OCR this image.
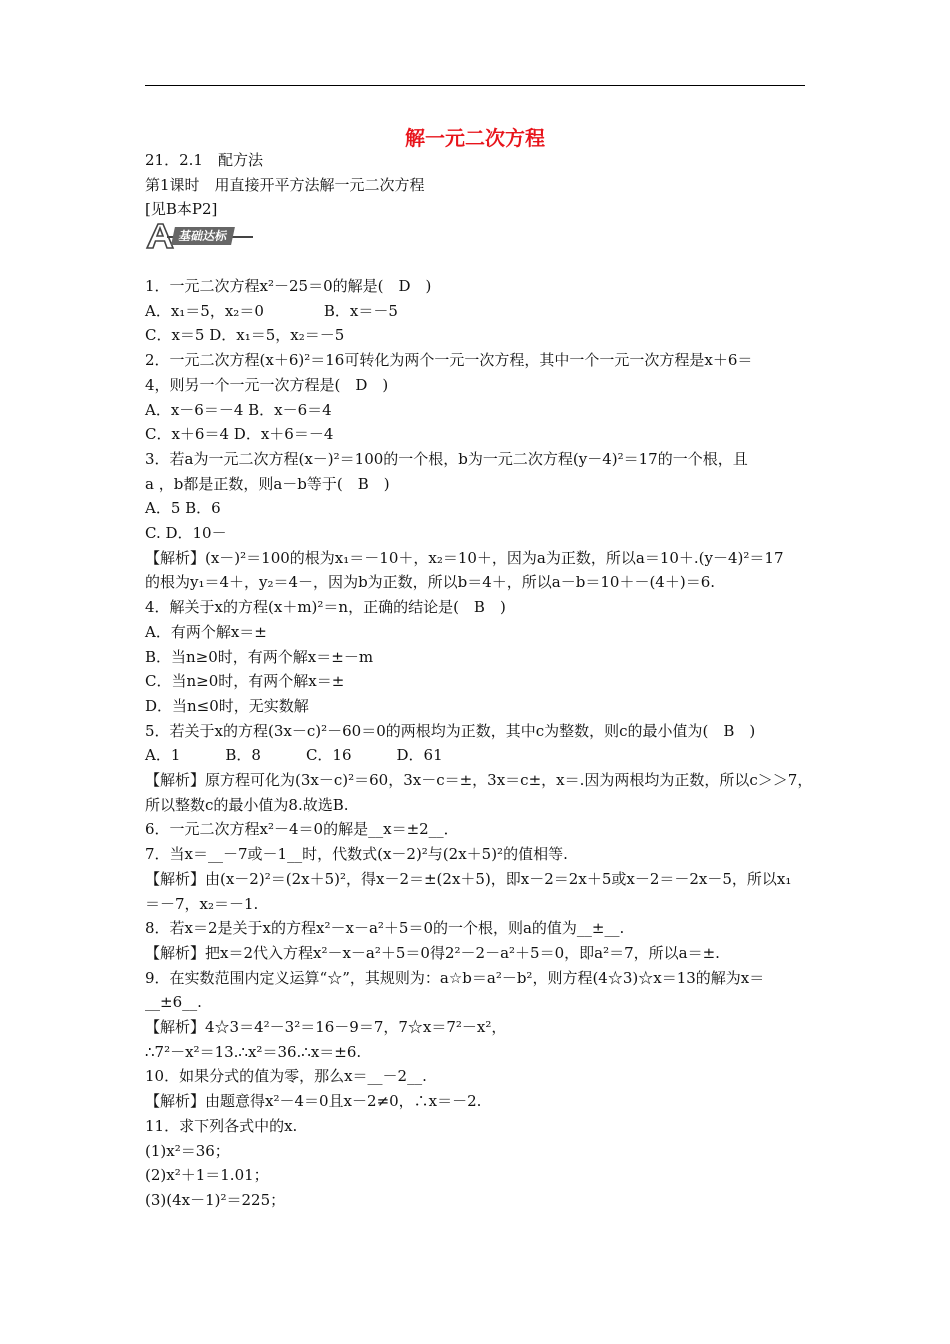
解一元二次方程
21．2.1　配方法
第1课时　用直接开平方法解一元二次方程
[见B本P2]
基础达标
1．一元二次方程x²－25＝0的解是(　D　)
A．x₁＝5，x₂＝0　　　　B．x＝－5
C．x＝5 D．x₁＝5，x₂＝－5
2．一元二次方程(x＋6)²＝16可转化为两个一元一次方程，其中一个一元一次方程是x＋6＝
4，则另一个一元一次方程是(　D　)
A．x－6＝－4 B．x－6＝4
C．x＋6＝4 D．x＋6＝－4
3．若a为一元二次方程(x－)²＝100的一个根，b为一元二次方程(y－4)²＝17的一个根，且
a ，b都是正数，则a－b等于(　B　)
A．5 B．6
C. D．10－
【解析】(x－)²＝100的根为x₁＝－10＋，x₂＝10＋，因为a为正数，所以a＝10＋.(y－4)²＝17
的根为y₁＝4＋，y₂＝4－，因为b为正数，所以b＝4＋，所以a－b＝10＋－(4＋)＝6.
4．解关于x的方程(x＋m)²＝n，正确的结论是(　B　)
A．有两个解x＝±
B．当n≥0时，有两个解x＝±－m
C．当n≥0时，有两个解x＝±
D．当n≤0时，无实数解
5．若关于x的方程(3x－c)²－60＝0的两根均为正数，其中c为整数，则c的最小值为(　B　)
A．1　　　B．8　　　C．16　　　D．61
【解析】原方程可化为(3x－c)²＝60，3x－c＝±，3x＝c±，x＝.因为两根均为正数，所以c＞＞7，
所以整数c的最小值为8.故选B.
6．一元二次方程x²－4＝0的解是__x＝±2__．
7．当x＝__－7或－1__时，代数式(x－2)²与(2x＋5)²的值相等.
【解析】由(x－2)²＝(2x＋5)²，得x－2＝±(2x＋5)，即x－2＝2x＋5或x－2＝－2x－5，所以x₁
＝－7，x₂＝－1.
8．若x＝2是关于x的方程x²－x－a²＋5＝0的一个根，则a的值为__±__.
【解析】把x＝2代入方程x²－x－a²＋5＝0得2²－2－a²＋5＝0，即a²＝7，所以a＝±.
9．在实数范围内定义运算“☆”，其规则为：a☆b＝a²－b²，则方程(4☆3)☆x＝13的解为x＝
__±6__.
【解析】4☆3＝4²－3²＝16－9＝7，7☆x＝7²－x²，
∴7²－x²＝13.∴x²＝36.∴x＝±6.
10．如果分式的值为零，那么x＝__－2__.
【解析】由题意得x²－4＝0且x－2≠0，∴x＝－2.
11．求下列各式中的x.
(1)x²＝36；
(2)x²＋1＝1.01；
(3)(4x－1)²＝225；
